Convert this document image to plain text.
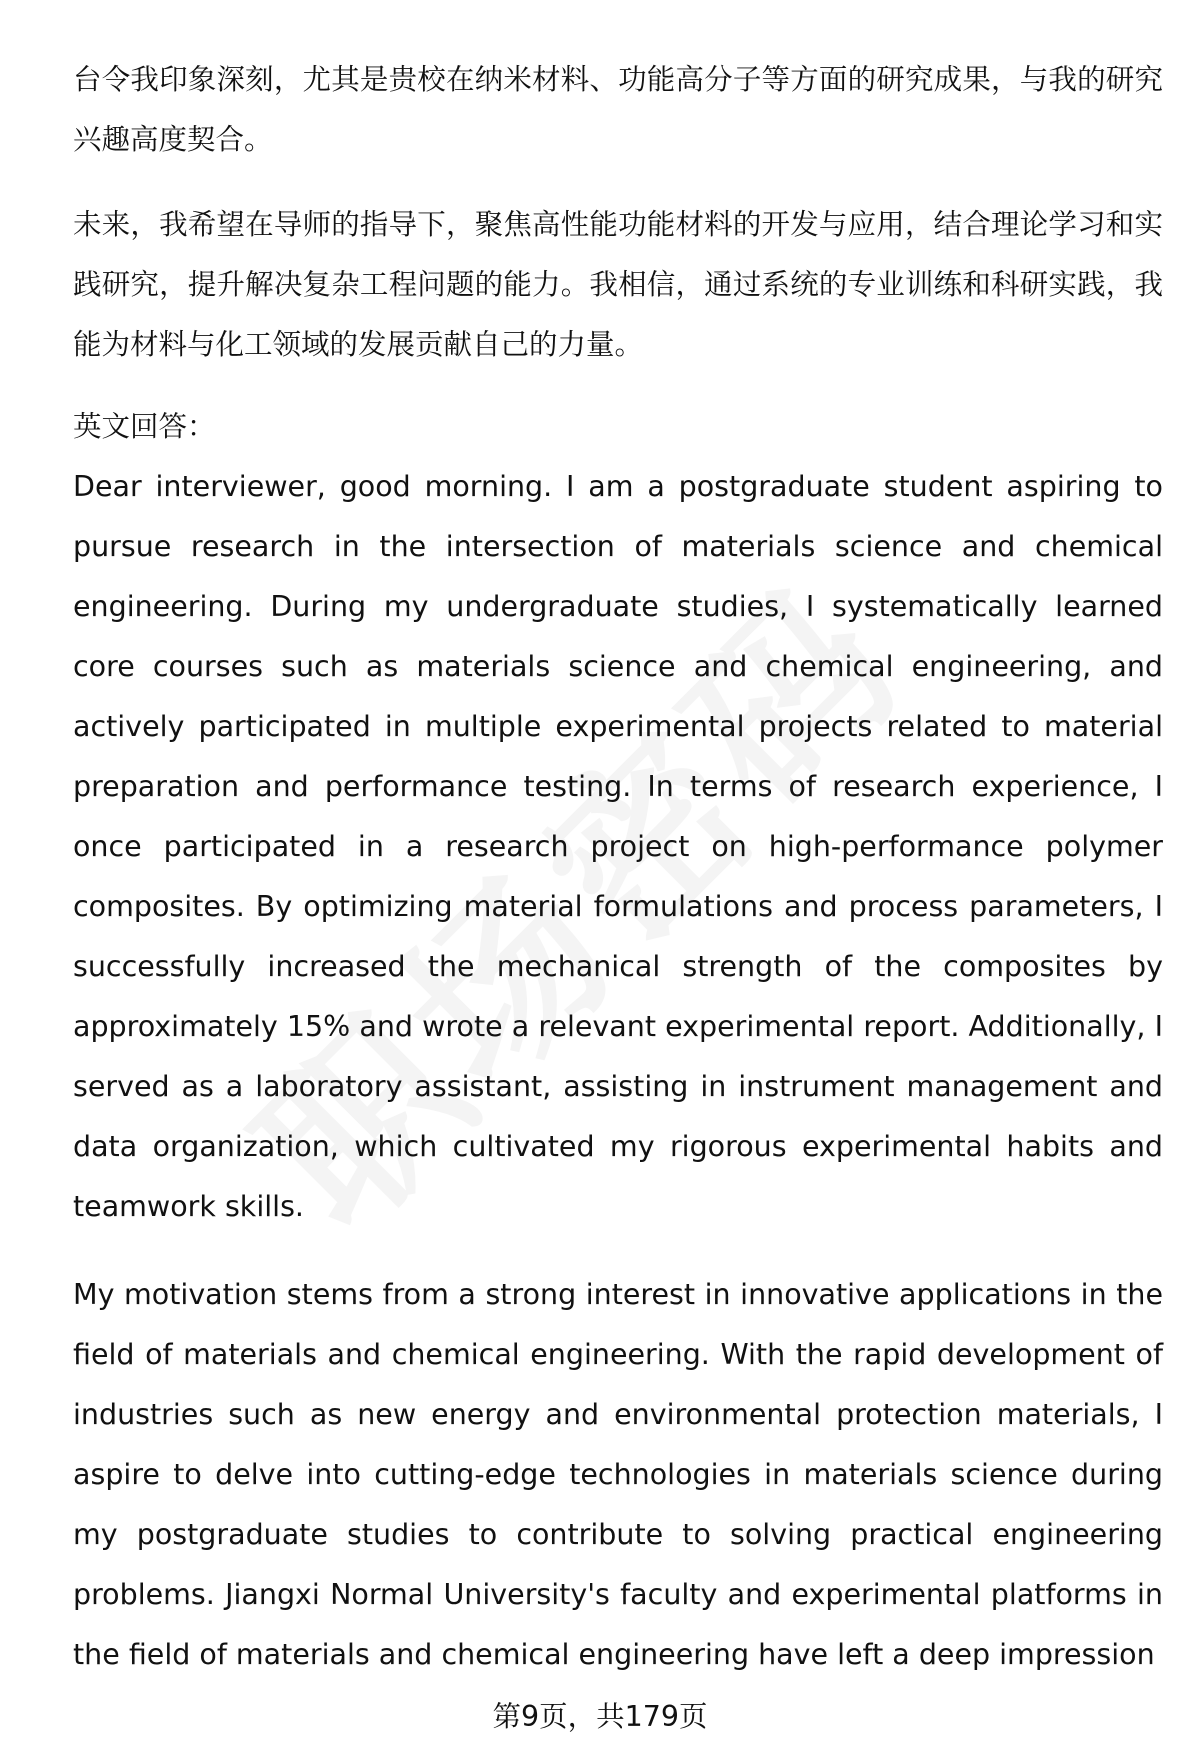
台令我印象深刻，尤其是贵校在纳米材料、功能高分子等方面的研究成果，与我的研究兴趣高度契合。

未来，我希望在导师的指导下，聚焦高性能功能材料的开发与应用，结合理论学习和实践研究，提升解决复杂工程问题的能力。我相信，通过系统的专业训练和科研实践，我能为材料与化工领域的发展贡献自己的力量。

英文回答：

Dear interviewer, good morning. I am a postgraduate student aspiring to pursue research in the intersection of materials science and chemical engineering. During my undergraduate studies, I systematically learned core courses such as materials science and chemical engineering, and actively participated in multiple experimental projects related to material preparation and performance testing. In terms of research experience, I once participated in a research project on high-performance polymer composites. By optimizing material formulations and process parameters, I successfully increased the mechanical strength of the composites by approximately 15% and wrote a relevant experimental report. Additionally, I served as a laboratory assistant, assisting in instrument management and data organization, which cultivated my rigorous experimental habits and teamwork skills.

My motivation stems from a strong interest in innovative applications in the field of materials and chemical engineering. With the rapid development of industries such as new energy and environmental protection materials, I aspire to delve into cutting-edge technologies in materials science during my postgraduate studies to contribute to solving practical engineering problems. Jiangxi Normal University's faculty and experimental platforms in the field of materials and chemical engineering have left a deep impression

第9页，共179页
